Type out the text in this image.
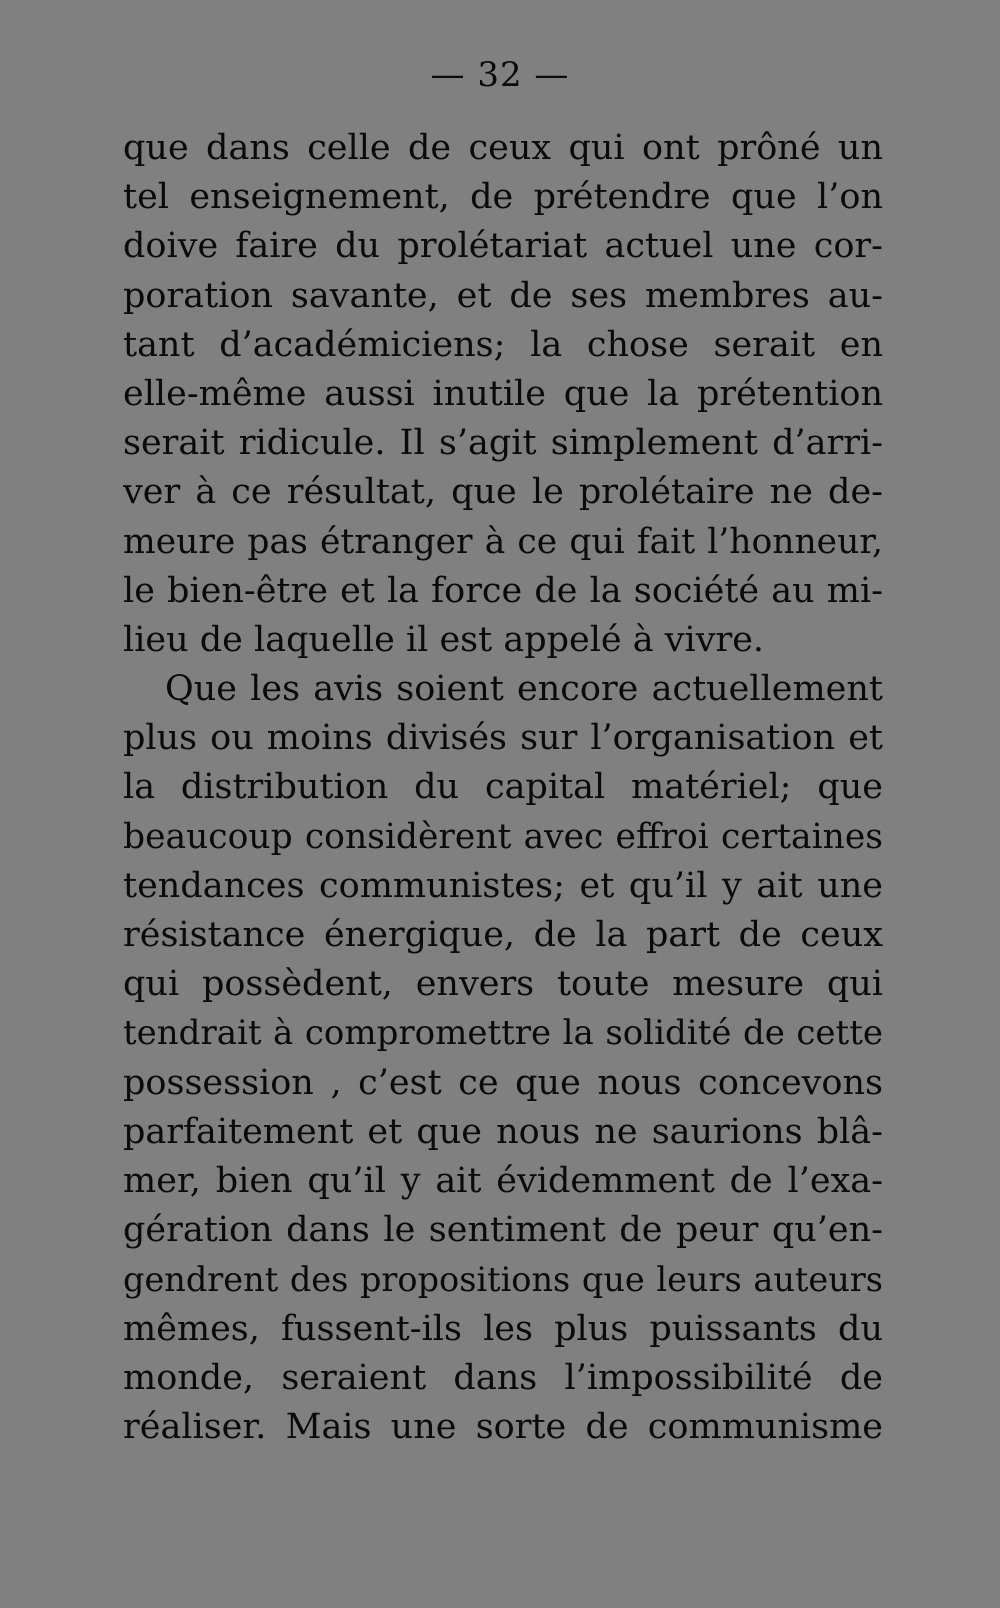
— 32 —
que dans celle de ceux qui ont prôné un
tel enseignement, de prétendre que l’on
doive faire du prolétariat actuel une cor-
poration savante, et de ses membres au-
tant d’académiciens; la chose serait en
elle-même aussi inutile que la prétention
serait ridicule. Il s’agit simplement d’arri-
ver à ce résultat, que le prolétaire ne de-
meure pas étranger à ce qui fait l’honneur,
le bien-être et la force de la société au mi-
lieu de laquelle il est appelé à vivre.
Que les avis soient encore actuellement
plus ou moins divisés sur l’organisation et
la distribution du capital matériel; que
beaucoup considèrent avec effroi certaines
tendances communistes; et qu’il y ait une
résistance énergique, de la part de ceux
qui possèdent, envers toute mesure qui
tendrait à compromettre la solidité de cette
possession , c’est ce que nous concevons
parfaitement et que nous ne saurions blâ-
mer, bien qu’il y ait évidemment de l’exa-
gération dans le sentiment de peur qu’en-
gendrent des propositions que leurs auteurs
mêmes, fussent-ils les plus puissants du
monde, seraient dans l’impossibilité de
réaliser. Mais une sorte de communisme
